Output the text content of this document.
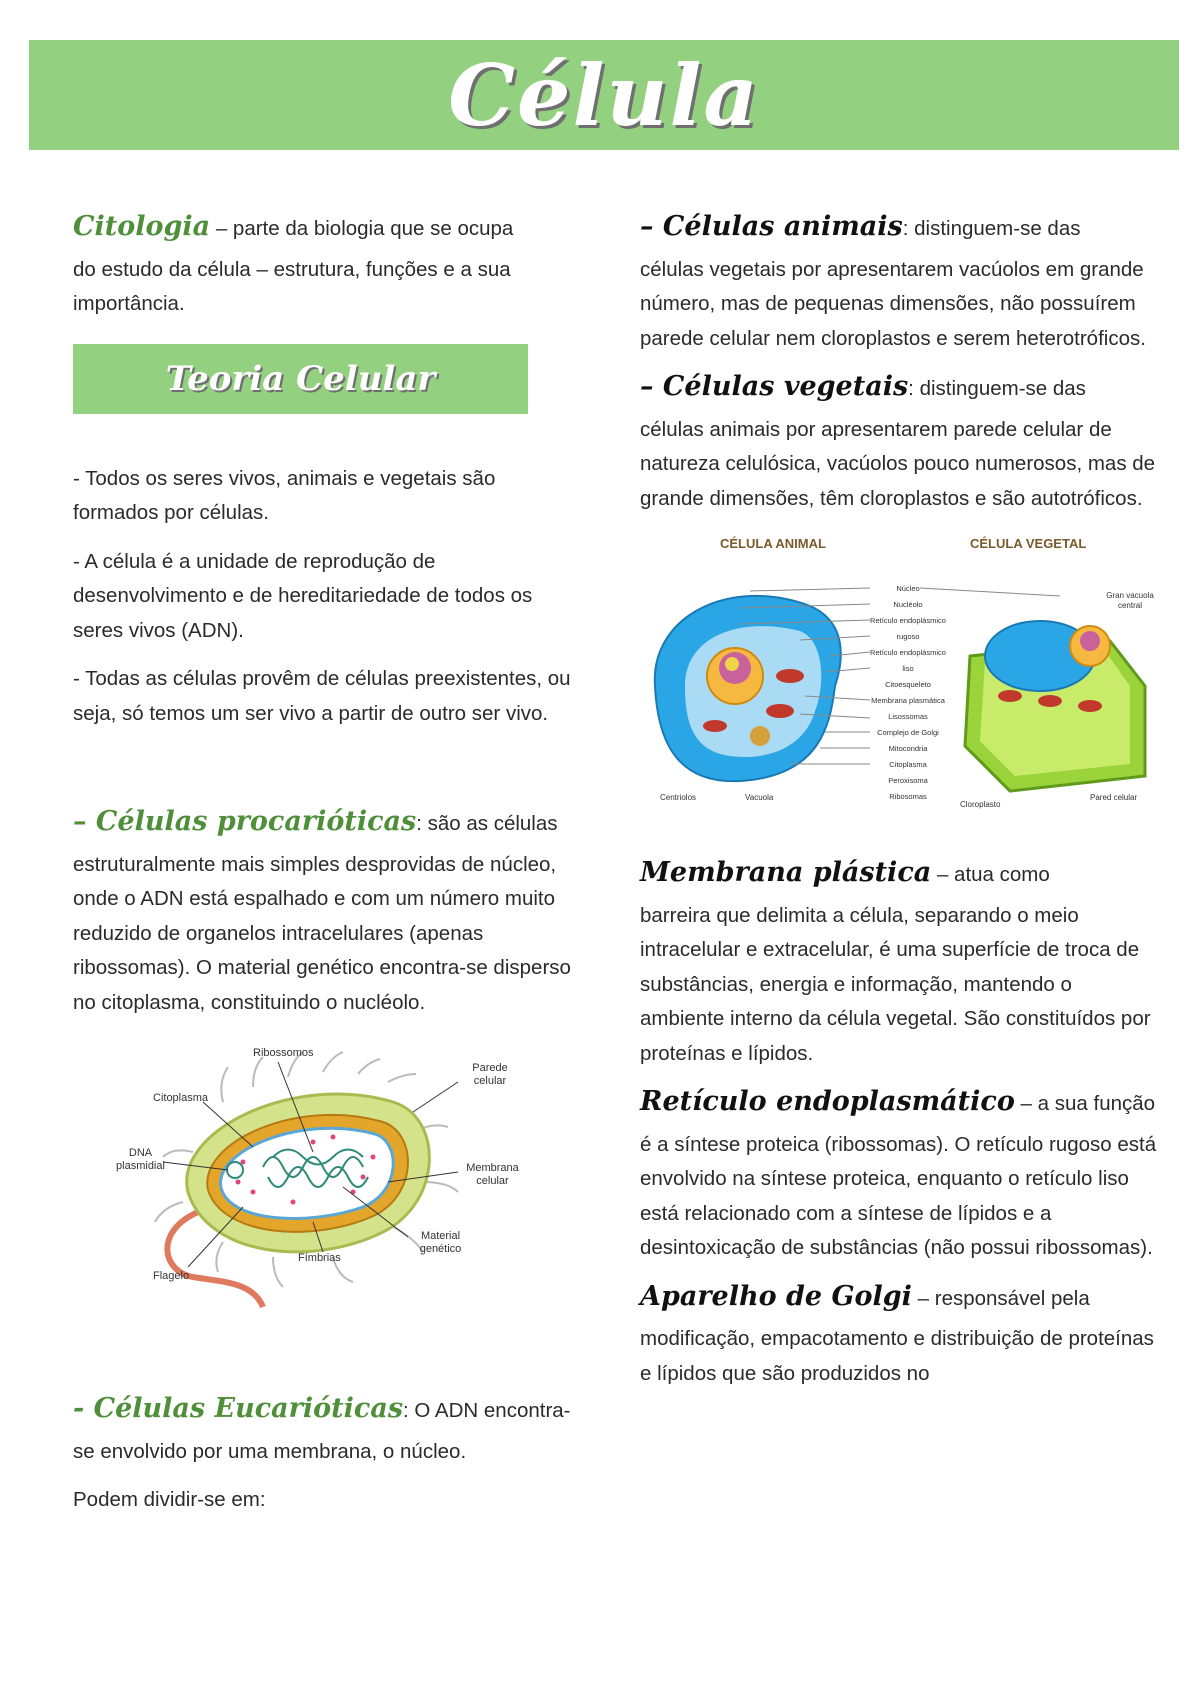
Célula

Citologia – parte da biologia que se ocupa
do estudo da célula – estrutura, funções e a sua importância.

Teoria Celular

- Todos os seres vivos, animais e vegetais são formados por células.

- A célula é a unidade de reprodução de desenvolvimento e de hereditariedade de todos os seres vivos (ADN).

- Todas as células provêm de células preexistentes, ou seja, só temos um ser vivo a partir de outro ser vivo.

– Células procarióticas: são as células
estruturalmente mais simples desprovidas de núcleo, onde o ADN está espalhado e com um número muito reduzido de organelos intracelulares (apenas ribossomas). O material genético encontra-se disperso no citoplasma, constituindo o nucléolo.

Ribossomos
Parede celular
Citoplasma
DNA plasmidial	Membrana celular
Material genético
Fímbrias
Flagelo

- Células Eucarióticas: O ADN encontra-
se envolvido por uma membrana, o núcleo.

Podem dividir-se em:

– Células animais: distinguem-se das
células vegetais por apresentarem vacúolos em grande número, mas de pequenas dimensões, não possuírem parede celular nem cloroplastos e serem heterotróficos.

– Células vegetais: distinguem-se das
células animais por apresentarem parede celular de natureza celulósica, vacúolos pouco numerosos, mas de grande dimensões, têm cloroplastos e são autotróficos.

CÉLULA ANIMAL	CÉLULA VEGETAL
Núcleo
Nucléolo
Retículo endoplásmico rugoso
Retículo endoplásmico liso
Citoesqueleto
Membrana plasmática
Lisossomas
Complejo de Golgi
Mitocondria
Citoplasma
Peroxisoma
Ribosomas
Gran vacuola central
Centriolos	Vacuola
Cloroplasto
Pared celular

Membrana plástica – atua como
barreira que delimita a célula, separando o meio intracelular e extracelular, é uma superfície de troca de substâncias, energia e informação, mantendo o ambiente interno da célula vegetal. São constituídos por proteínas e lípidos.

Retículo endoplasmático – a sua função
é a síntese proteica (ribossomas). O retículo rugoso está envolvido na síntese proteica, enquanto o retículo liso está relacionado com a síntese de lípidos e a desintoxicação de substâncias (não possui ribossomas).

Aparelho de Golgi – responsável pela
modificação, empacotamento e distribuição de proteínas e lípidos que são produzidos no
